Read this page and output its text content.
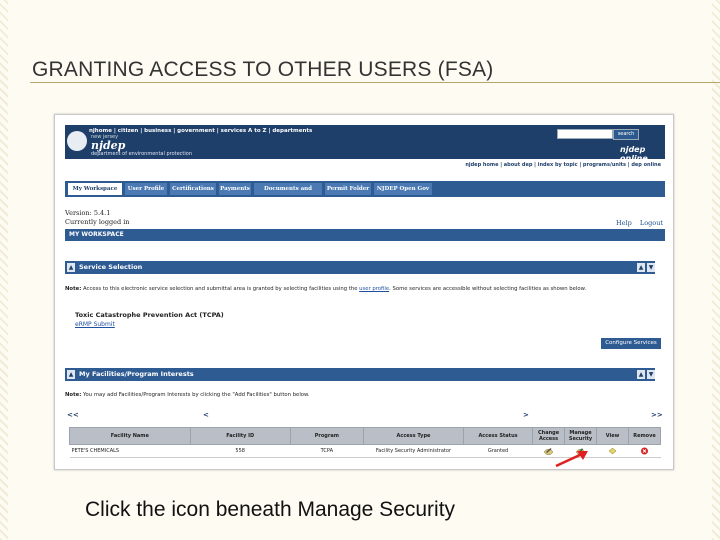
GRANTING ACCESS TO OTHER USERS (FSA)
njhome | citizen | business | government | services A to Z | departments	search
new jersey
njdep
department of environmental protection	njdep
njdep home | about dep | index by topic | programs/units | dep online
My Workspace	User Profile	Certifications	Payments	Documents and Forms
Permit Folder	NJDEP Open Gov
Version: 5.4.1
Currently logged in	Help Logout
MY WORKSPACE
▲ Service Selection	▲ ▼
Note: Access to this electronic service selection and submittal area is granted by selecting facilities using the user profile. Some services are accessible without selecting facilities as shown below.
Toxic Catastrophe Prevention Act (TCPA)
eRMP Submit
Configure Services
▲ My Facilities/Program Interests	▲ ▼
Note: You may add Facilities/Program Interests by clicking the "Add Facilities" button below.
<<	<	>	>>
Facility Name	Facility ID	Program	Access Type	Access Status	Change Access	Manage Security	View	Remove
PETE'S CHEMICALS	558	TCPA	Facility Security Administrator	Granted				
Click the icon beneath Manage Security
